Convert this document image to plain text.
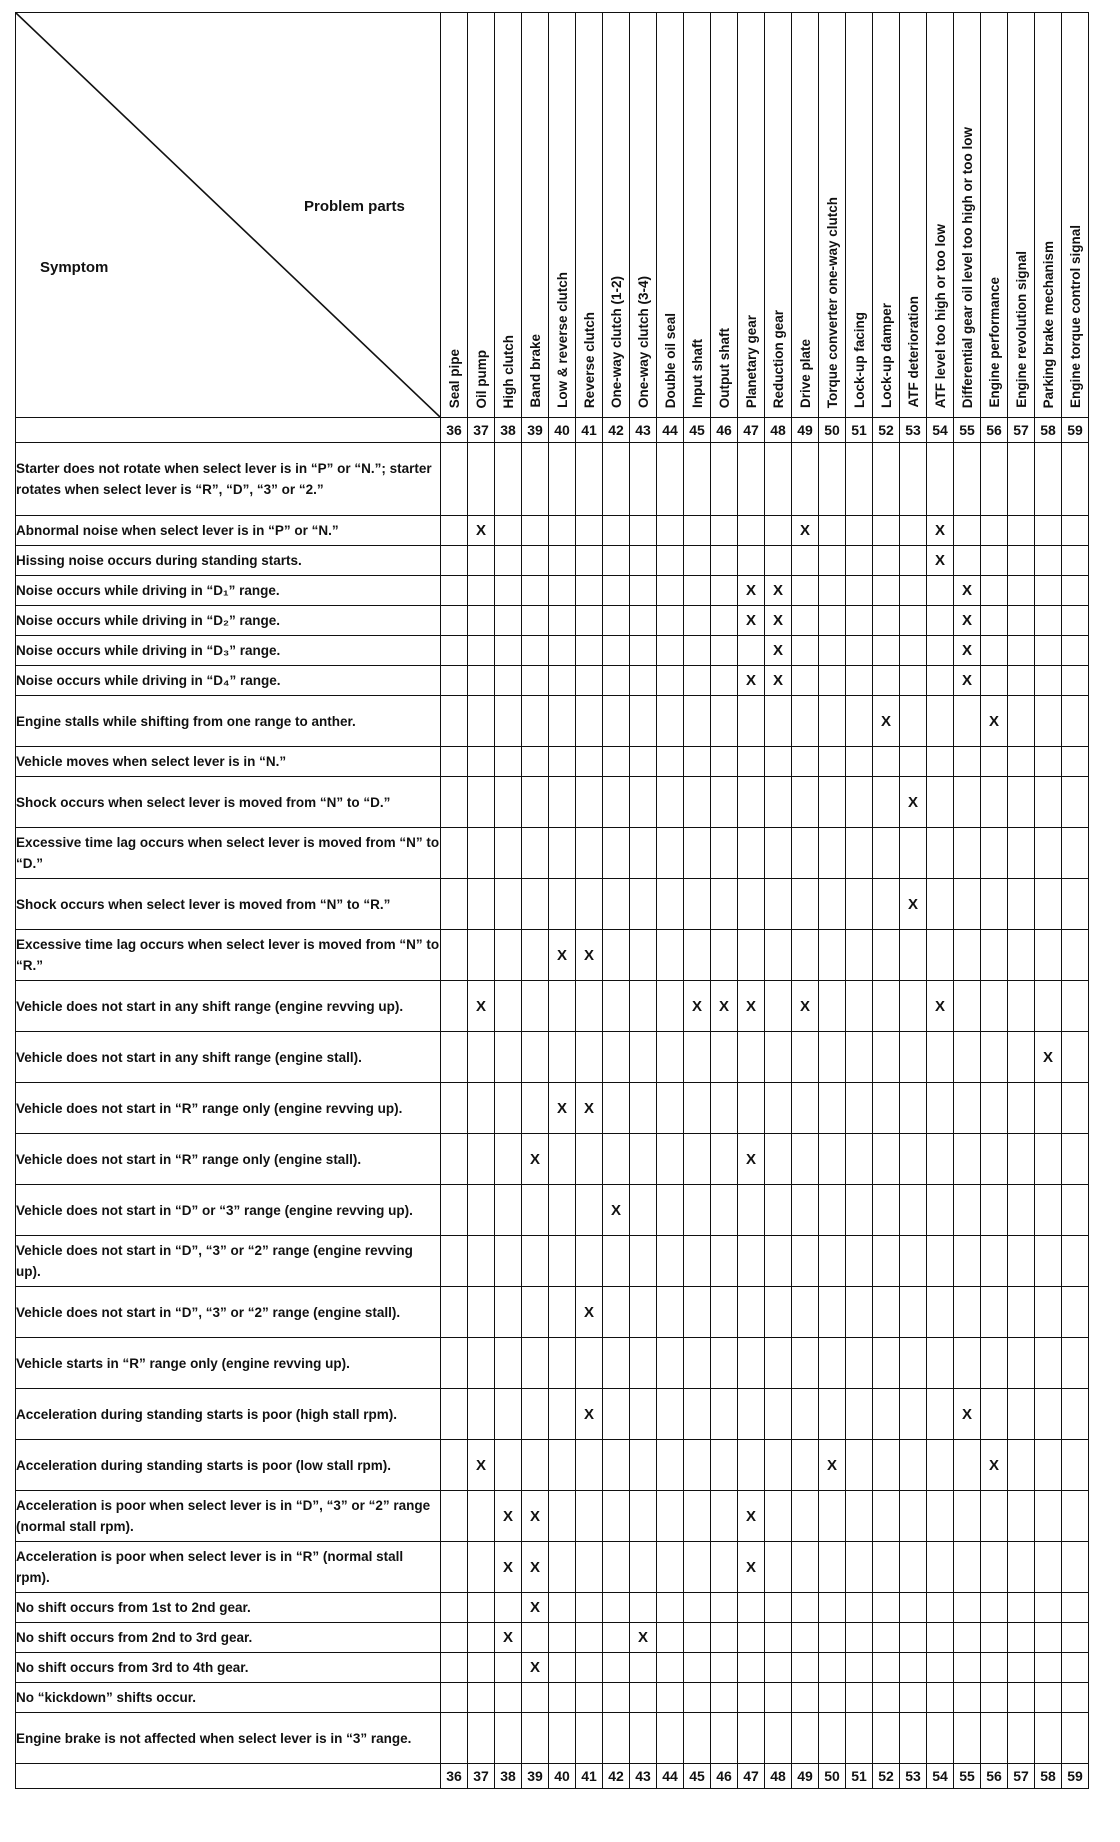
Problem parts
Symptom	Seal pipe	Oil pump	High clutch	Band brake	Low & reverse clutch	Reverse clutch	One-way clutch (1-2)	One-way clutch (3-4)	Double oil seal	Input shaft	Output shaft	Planetary gear	Reduction gear	Drive plate	Torque converter one-way clutch	Lock-up facing	Lock-up damper	ATF deterioration	ATF level too high or too low	Differential gear oil level too high or too low	Engine performance	Engine revolution signal	Parking brake mechanism	Engine torque control signal

	36	37	38	39	40	41	42	43	44	45	46	47	48	49	50	51	52	53	54	55	56	57	58	59
Starter does not rotate when select lever is in “P” or “N.”; starter rotates when select lever is “R”, “D”, “3” or “2.”																								
Abnormal noise when select lever is in “P” or “N.”		X												X					X					
Hissing noise occurs during standing starts.																			X					
Noise occurs while driving in “D₁” range.												X	X							X				
Noise occurs while driving in “D₂” range.												X	X							X				
Noise occurs while driving in “D₃” range.													X							X				
Noise occurs while driving in “D₄” range.												X	X							X				
Engine stalls while shifting from one range to anther.																	X				X			
Vehicle moves when select lever is in “N.”																								
Shock occurs when select lever is moved from “N” to “D.”																		X						
Excessive time lag occurs when select lever is moved from “N” to “D.”																								
Shock occurs when select lever is moved from “N” to “R.”																		X						
Excessive time lag occurs when select lever is moved from “N” to “R.”					X	X																		
Vehicle does not start in any shift range (engine revving up).		X								X	X	X		X					X					
Vehicle does not start in any shift range (engine stall).																							X	
Vehicle does not start in “R” range only (engine revving up).					X	X																		
Vehicle does not start in “R” range only (engine stall).				X								X												
Vehicle does not start in “D” or “3” range (engine revving up).							X																	
Vehicle does not start in “D”, “3” or “2” range (engine revving up).																								
Vehicle does not start in “D”, “3” or “2” range (engine stall).						X																		
Vehicle starts in “R” range only (engine revving up).																								
Acceleration during standing starts is poor (high stall rpm).						X														X				
Acceleration during standing starts is poor (low stall rpm).		X													X						X			
Acceleration is poor when select lever is in “D”, “3” or “2” range (normal stall rpm).			X	X								X												
Acceleration is poor when select lever is in “R” (normal stall rpm).			X	X								X												
No shift occurs from 1st to 2nd gear.				X																				
No shift occurs from 2nd to 3rd gear.			X					X																
No shift occurs from 3rd to 4th gear.				X																				
No “kickdown” shifts occur.																								
Engine brake is not affected when select lever is in “3” range.																								
	36	37	38	39	40	41	42	43	44	45	46	47	48	49	50	51	52	53	54	55	56	57	58	59
